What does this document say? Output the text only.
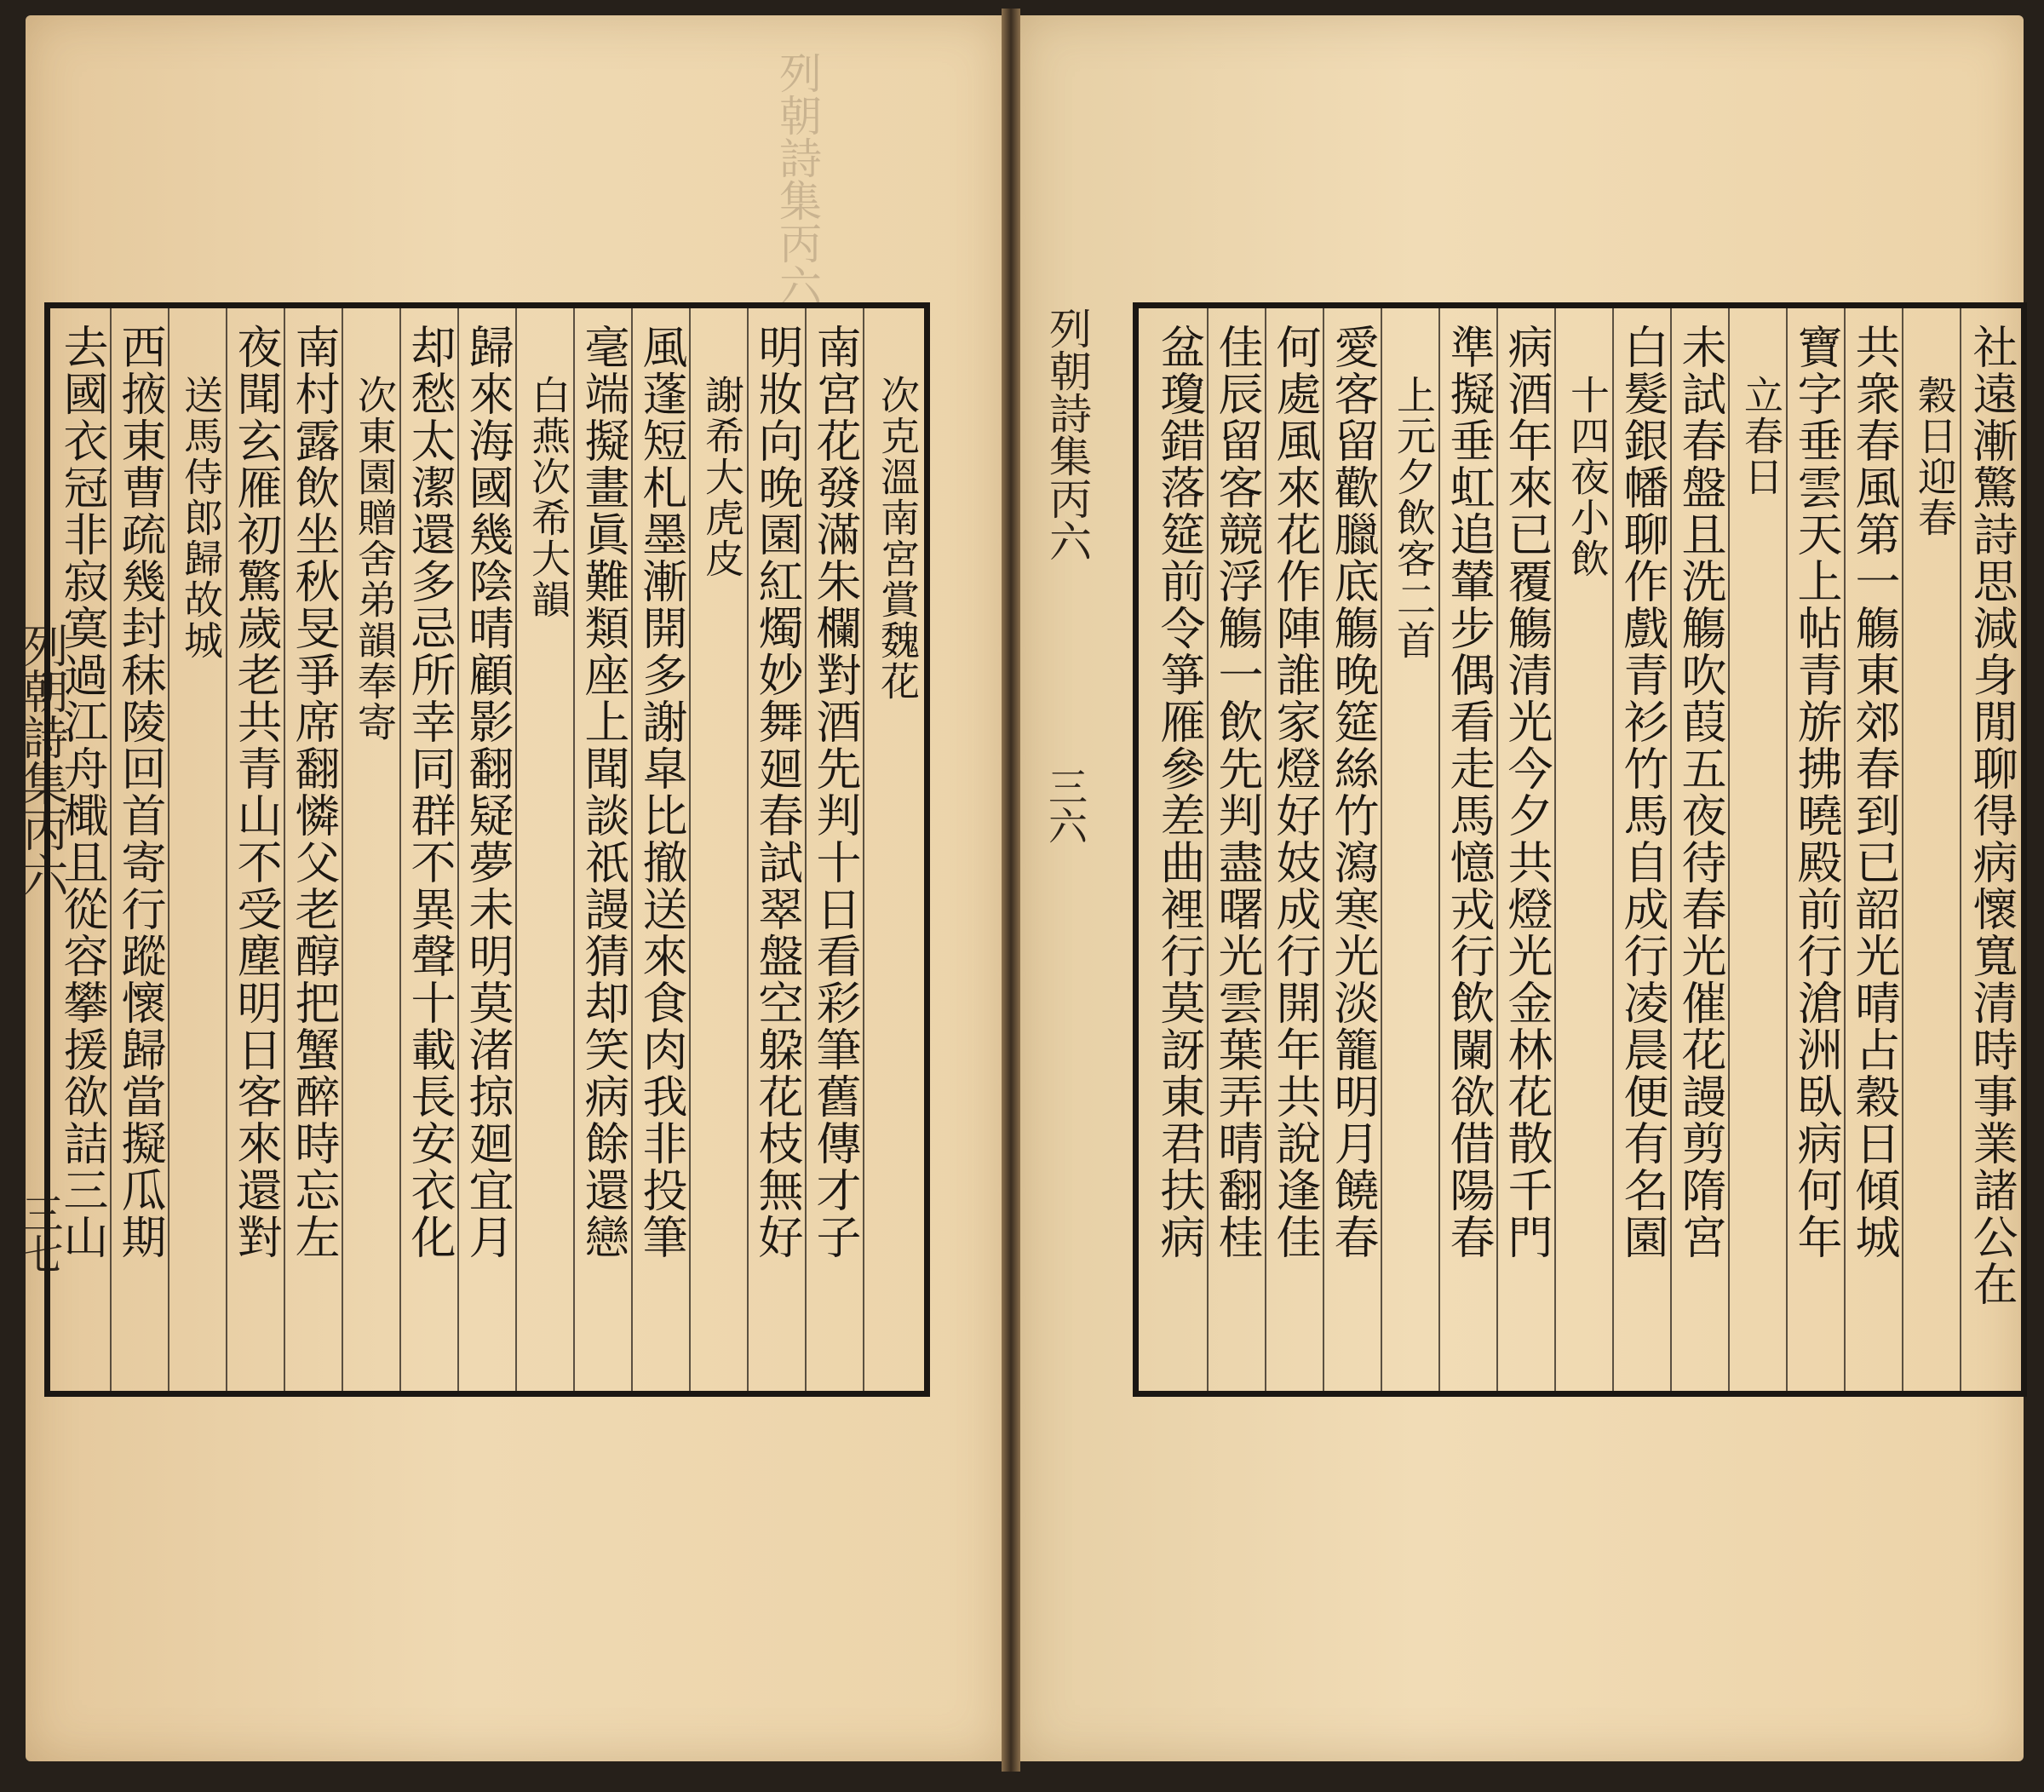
列朝詩集丙六
三七
列朝詩集丙六
三六
列朝詩集丙六
次克溫南宮賞魏花
南宮花發滿朱欄對酒先判十日看彩筆舊傳才子
明妝向晚園紅燭妙舞廻春試翠盤空躱花枝無好
謝希大虎皮
風蓬短札墨漸開多謝皐比撤送來食肉我非投筆
毫端擬畫眞難類座上聞談祇謾猜却笑病餘還戀
白燕次希大韻
歸來海國幾陰晴顧影翻疑夢未明莫渚掠廻宜月
却愁太潔還多忌所幸同群不異聲十載長安衣化
次東園贈舍弟韻奉寄
南村露飲坐秋旻爭席翻憐父老醇把蟹醉時忘左
夜聞玄雁初驚歲老共青山不受塵明日客來還對
送馬侍郎歸故城
西掖東曹疏幾封秣陵回首寄行蹤懷歸當擬瓜期
去國衣冠非寂寞過江舟檝且從容攀援欲詰三山	社遠漸驚詩思減身閒聊得病懷寬清時事業諸公在
穀日迎春
共衆春風第一觴東郊春到已韶光晴占穀日傾城
寶字垂雲天上帖青旂拂曉殿前行滄洲臥病何年
立春日
未試春盤且洗觴吹葭五夜待春光催花謾剪隋宮
白髮銀幡聊作戲青衫竹馬自成行凌晨便有名園
十四夜小飲
病酒年來已覆觴清光今夕共燈光金林花散千門
準擬垂虹追輦步偶看走馬憶戎行飲闌欲借陽春
上元夕飲客二首
愛客留歡臘底觴晚筵絲竹瀉寒光淡籠明月饒春
何處風來花作陣誰家燈好妓成行開年共說逢佳
佳辰留客競浮觴一飲先判盡曙光雲葉弄晴翻桂
盆瓊錯落筵前令箏雁參差曲裡行莫訝東君扶病
